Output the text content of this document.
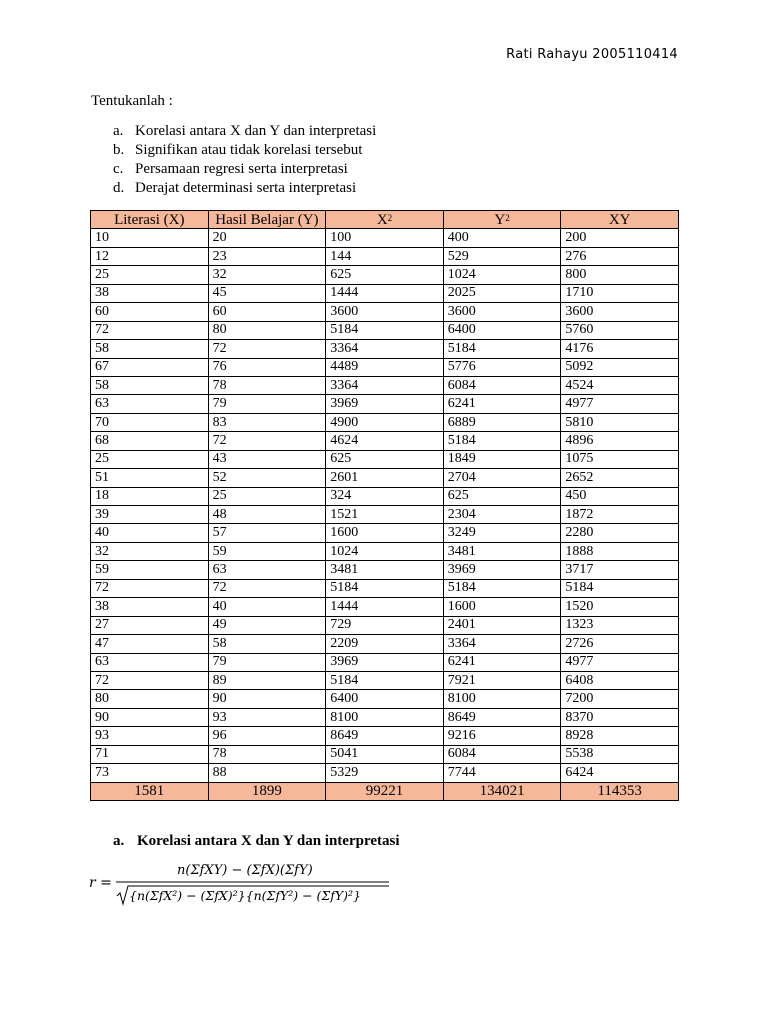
Rati Rahayu 2005110414
Tentukanlah :
a. Korelasi antara X dan Y dan interpretasi
b. Signifikan atau tidak korelasi tersebut
c. Persamaan regresi serta interpretasi
d. Derajat determinasi serta interpretasi
Literasi (X)	Hasil Belajar (Y)	$X^2$	$Y^2$	XY
10	20	100	400	200
12	23	144	529	276
25	32	625	1024	800
38	45	1444	2025	1710
60	60	3600	3600	3600
72	80	5184	6400	5760
58	72	3364	5184	4176
67	76	4489	5776	5092
58	78	3364	6084	4524
63	79	3969	6241	4977
70	83	4900	6889	5810
68	72	4624	5184	4896
25	43	625	1849	1075
51	52	2601	2704	2652
18	25	324	625	450
39	48	1521	2304	1872
40	57	1600	3249	2280
32	59	1024	3481	1888
59	63	3481	3969	3717
72	72	5184	5184	5184
38	40	1444	1600	1520
27	49	729	2401	1323
47	58	2209	3364	2726
63	79	3969	6241	4977
72	89	5184	7921	6408
80	90	6400	8100	7200
90	93	8100	8649	8370
93	96	8649	9216	8928
71	78	5041	6084	5538
73	88	5329	7744	6424
1581	1899	99221	134021	114353
a. Korelasi antara X dan Y dan interpretasi
r =
n(ΣfXY) − (ΣfX)(ΣfY)
{n(ΣfX²) − (ΣfX)²}{n(ΣfY²) − (ΣfY)²}
